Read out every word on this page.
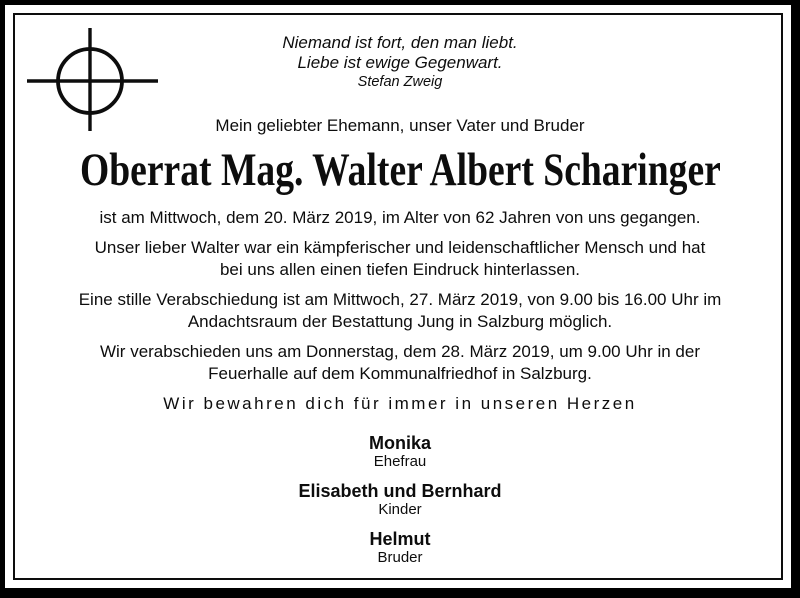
Niemand ist fort, den man liebt.
Liebe ist ewige Gegenwart.
Stefan Zweig
Mein geliebter Ehemann, unser Vater und Bruder
Oberrat Mag. Walter Albert Scharinger
ist am Mittwoch, dem 20. März 2019, im Alter von 62 Jahren von uns gegangen.
Unser lieber Walter war ein kämpferischer und leidenschaftlicher Mensch und hat
bei uns allen einen tiefen Eindruck hinterlassen.
Eine stille Verabschiedung ist am Mittwoch, 27. März 2019, von 9.00 bis 16.00 Uhr im
Andachtsraum der Bestattung Jung in Salzburg möglich.
Wir verabschieden uns am Donnerstag, dem 28. März 2019, um 9.00 Uhr in der
Feuerhalle auf dem Kommunalfriedhof in Salzburg.
Wir bewahren dich für immer in unseren Herzen
Monika
Ehefrau
Elisabeth und Bernhard
Kinder
Helmut
Bruder
